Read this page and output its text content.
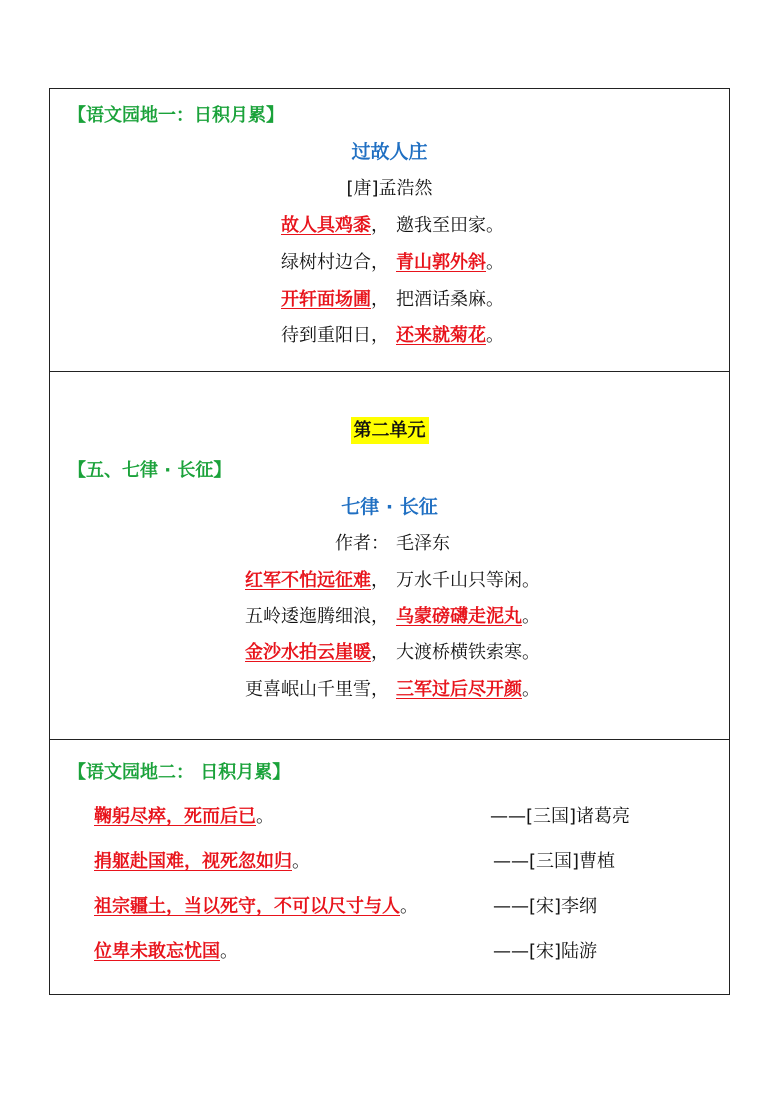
【语文园地一：日积月累】
过故人庄
[唐]孟浩然
故人具鸡黍， 邀我至田家。
绿树村边合， 青山郭外斜。
开轩面场圃， 把酒话桑麻。
待到重阳日， 还来就菊花。
第二单元
【五、七律 · 长征】
七律 · 长征
作者： 毛泽东
红军不怕远征难， 万水千山只等闲。
五岭逶迤腾细浪， 乌蒙磅礴走泥丸。
金沙水拍云崖暖， 大渡桥横铁索寒。
更喜岷山千里雪， 三军过后尽开颜。
【语文园地二： 日积月累】
鞠躬尽瘁，死而后已。	——[三国]诸葛亮
捐躯赴国难，视死忽如归。	——[三国]曹植
祖宗疆土，当以死守，不可以尺寸与人。	——[宋]李纲
位卑未敢忘忧国。	——[宋]陆游
